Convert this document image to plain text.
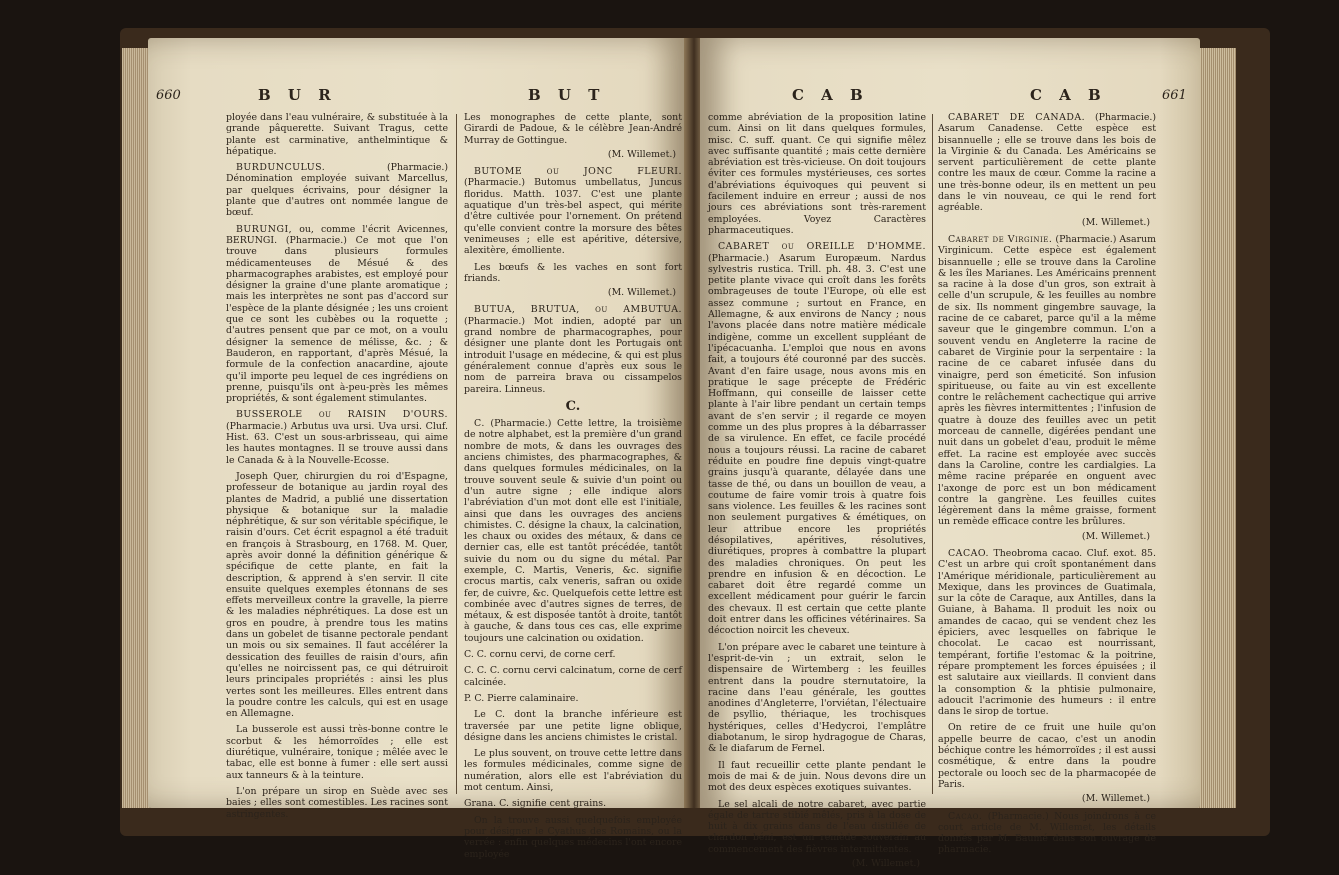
660	B U R	B U T

ployée dans l'eau vulnéraire, & substituée à la grande pâquerette. Suivant Tragus, cette plante est carminative, anthelmintique & hépatique.

BURDUNCULUS. (Pharmacie.) Dénomination employée suivant Marcellus, par quelques écrivains, pour désigner la plante que d'autres ont nommée langue de bœuf.

BURUNGI, ou, comme l'écrit Avicennes, BERUNGI. (Pharmacie.) Ce mot que l'on trouve dans plusieurs formules médicamenteuses de Mésué & des pharmacographes arabistes, est employé pour désigner la graine d'une plante aromatique ; mais les interprètes ne sont pas d'accord sur l'espèce de la plante désignée ; les uns croient que ce sont les cubèbes ou la roquette ; d'autres pensent que par ce mot, on a voulu désigner la semence de mélisse, &c. ; & Bauderon, en rapportant, d'après Mésué, la formule de la confection anacardine, ajoute qu'il importe peu lequel de ces ingrédiens on prenne, puisqu'ils ont à-peu-près les mêmes propriétés, & sont également stimulantes.

BUSSEROLE ou RAISIN D'OURS. (Pharmacie.) Arbutus uva ursi. Uva ursi. Cluf. Hist. 63. C'est un sous-arbrisseau, qui aime les hautes montagnes. Il se trouve aussi dans le Canada & à la Nouvelle-Ecosse.

Joseph Quer, chirurgien du roi d'Espagne, professeur de botanique au jardin royal des plantes de Madrid, a publié une dissertation physique & botanique sur la maladie néphrétique, & sur son véritable spécifique, le raisin d'ours. Cet écrit espagnol a été traduit en françois à Strasbourg, en 1768. M. Quer, après avoir donné la définition générique & spécifique de cette plante, en fait la description, & apprend à s'en servir. Il cite ensuite quelques exemples étonnans de ses effets merveilleux contre la gravelle, la pierre & les maladies néphrétiques. La dose est un gros en poudre, à prendre tous les matins dans un gobelet de tisanne pectorale pendant un mois ou six semaines. Il faut accélérer la dessication des feuilles de raisin d'ours, afin qu'elles ne noircissent pas, ce qui détruiroit leurs principales propriétés : ainsi les plus vertes sont les meilleures. Elles entrent dans la poudre contre les calculs, qui est en usage en Allemagne.

La busserole est aussi très-bonne contre le scorbut & les hémorroïdes ; elle est diurétique, vulnéraire, tonique ; mêlée avec le tabac, elle est bonne à fumer : elle sert aussi aux tanneurs & à la teinture.

L'on prépare un sirop en Suède avec ses baies ; elles sont comestibles. Les racines sont astringentes.

Les monographes de cette plante, sont Girardi de Padoue, & le célèbre Jean-André Murray de Gottingue.

(M. Willemet.)

BUTOME ou JONC FLEURI. (Pharmacie.) Butomus umbellatus, Juncus floridus. Matth. 1037. C'est une plante aquatique d'un très-bel aspect, qui mérite d'être cultivée pour l'ornement. On prétend qu'elle convient contre la morsure des bêtes venimeuses ; elle est apéritive, détersive, alexitère, émolliente.

Les bœufs & les vaches en sont fort friands.

(M. Willemet.)

BUTUA, BRUTUA, ou AMBUTUA. (Pharmacie.) Mot indien, adopté par un grand nombre de pharmacographes, pour désigner une plante dont les Portugais ont introduit l'usage en médecine, & qui est plus généralement connue d'après eux sous le nom de parreira brava ou cissampelos pareira. Linneus.

C.

C. (Pharmacie.) Cette lettre, la troisième de notre alphabet, est la première d'un grand nombre de mots, & dans les ouvrages des anciens chimistes, des pharmacographes, & dans quelques formules médicinales, on la trouve souvent seule & suivie d'un point ou d'un autre signe ; elle indique alors l'abréviation d'un mot dont elle est l'initiale, ainsi que dans les ouvrages des anciens chimistes. C. désigne la chaux, la calcination, les chaux ou oxides des métaux, & dans ce dernier cas, elle est tantôt précédée, tantôt suivie du nom ou du signe du métal. Par exemple, C. Martis, Veneris, &c. signifie crocus martis, calx veneris, safran ou oxide fer, de cuivre, &c. Quelquefois cette lettre est combinée avec d'autres signes de terres, de métaux, & est disposée tantôt à droite, tantôt à gauche, & dans tous ces cas, elle exprime toujours une calcination ou oxidation.

C. C. cornu cervi, de corne cerf.

C. C. C. cornu cervi calcinatum, corne de cerf calcinée.

P. C. Pierre calaminaire.

Le C. dont la branche inférieure est traversée par une petite ligne oblique, désigne dans les anciens chimistes le cristal.

Le plus souvent, on trouve cette lettre dans les formules médicinales, comme signe de numération, alors elle est l'abréviation du mot centum. Ainsi,

Grana. C. signifie cent grains.

On la trouve aussi quelquefois employée pour désigner le Cyathus des Romains, ou la verrée : enfin quelques médecins l'ont encore employée

C A B	C A B	661

comme abréviation de la proposition latine cum. Ainsi on lit dans quelques formules, misc. C. suff. quant. Ce qui signifie mêlez avec suffisante quantité ; mais cette dernière abréviation est très-vicieuse. On doit toujours éviter ces formules mystérieuses, ces sortes d'abréviations équivoques qui peuvent si facilement induire en erreur ; aussi de nos jours ces abréviations sont très-rarement employées. Voyez Caractères pharmaceutiques.

CABARET ou OREILLE D'HOMME. (Pharmacie.) Asarum Europæum. Nardus sylvestris rustica. Trill. ph. 48. 3. C'est une petite plante vivace qui croît dans les forêts ombrageuses de toute l'Europe, où elle est assez commune ; surtout en France, en Allemagne, & aux environs de Nancy ; nous l'avons placée dans notre matière médicale indigène, comme un excellent suppléant de l'ipécacuanha. L'emploi que nous en avons fait, a toujours été couronné par des succès. Avant d'en faire usage, nous avons mis en pratique le sage précepte de Frédéric Hoffmann, qui conseille de laisser cette plante à l'air libre pendant un certain temps avant de s'en servir ; il regarde ce moyen comme un des plus propres à la débarrasser de sa virulence. En effet, ce facile procédé nous a toujours réussi. La racine de cabaret réduite en poudre fine depuis vingt-quatre grains jusqu'à quarante, délayée dans une tasse de thé, ou dans un bouillon de veau, a coutume de faire vomir trois à quatre fois sans violence. Les feuilles & les racines sont non seulement purgatives & émétiques, on leur attribue encore les propriétés désopilatives, apéritives, résolutives, diurétiques, propres à combattre la plupart des maladies chroniques. On peut les prendre en infusion & en décoction. Le cabaret doit être regardé comme un excellent médicament pour guérir le farcin des chevaux. Il est certain que cette plante doit entrer dans les officines vétérinaires. Sa décoction noircit les cheveux.

L'on prépare avec le cabaret une teinture à l'esprit-de-vin ; un extrait, selon le dispensaire de Wirtemberg : les feuilles entrent dans la poudre sternutatoire, la racine dans l'eau générale, les gouttes anodines d'Angleterre, l'orviétan, l'électuaire de psyllio, thériaque, les trochisques hystériques, celles d'Hedycroi, l'emplâtre diabotanum, le sirop hydragogue de Charas, & le diafarum de Fernel.

Il faut recueillir cette plante pendant le mois de mai & de juin. Nous devons dire un mot des deux espèces exotiques suivantes.

Le sel alcali de notre cabaret, avec partie égale de tartre stibié mêlés, pris à la dose de huit à dix grains dans de l'eau distillée de chardon béni, est un remède souverain au commencement des fièvres intermittentes.

(M. Willemet.)

CABARET DE CANADA. (Pharmacie.) Asarum Canadense. Cette espèce est bisannuelle ; elle se trouve dans les bois de la Virginie & du Canada. Les Américains se servent particulièrement de cette plante contre les maux de cœur. Comme la racine a une très-bonne odeur, ils en mettent un peu dans le vin nouveau, ce qui le rend fort agréable.

(M. Willemet.)

Cabaret de Virginie. (Pharmacie.) Asarum Virginicum. Cette espèce est également bisannuelle ; elle se trouve dans la Caroline & les îles Marianes. Les Américains prennent sa racine à la dose d'un gros, son extrait à celle d'un scrupule, & les feuilles au nombre de six. Ils nomment gingembre sauvage, la racine de ce cabaret, parce qu'il a la même saveur que le gingembre commun. L'on a souvent vendu en Angleterre la racine de cabaret de Virginie pour la serpentaire : la racine de ce cabaret infusée dans du vinaigre, perd son émeticité. Son infusion spiritueuse, ou faite au vin est excellente contre le relâchement cachectique qui arrive après les fièvres intermittentes ; l'infusion de quatre à douze des feuilles avec un petit morceau de cannelle, digérées pendant une nuit dans un gobelet d'eau, produit le même effet. La racine est employée avec succès dans la Caroline, contre les cardialgies. La même racine préparée en onguent avec l'axonge de porc est un bon médicament contre la gangrène. Les feuilles cuites légèrement dans la même graisse, forment un remède efficace contre les brûlures.

(M. Willemet.)

CACAO. Theobroma cacao. Cluf. exot. 85. C'est un arbre qui croît spontanément dans l'Amérique méridionale, particulièrement au Mexique, dans les provinces de Guatimala, sur la côte de Caraque, aux Antilles, dans la Guiane, à Bahama. Il produit les noix ou amandes de cacao, qui se vendent chez les épiciers, avec lesquelles on fabrique le chocolat. Le cacao est nourrissant, tempérant, fortifie l'estomac & la poitrine, répare promptement les forces épuisées ; il est salutaire aux vieillards. Il convient dans la consomption & la phtisie pulmonaire, adoucit l'acrimonie des humeurs : il entre dans le sirop de tortue.

On retire de ce fruit une huile qu'on appelle beurre de cacao, c'est un anodin béchique contre les hémorroïdes ; il est aussi cosmétique, & entre dans la poudre pectorale ou looch sec de la pharmacopée de Paris.

(M. Willemet.)

Cacao. (Pharmacie.) Nous joindrons à ce court article de M. Willemet, les détails donnés par M. Baumé dans son ouvrage de pharmacie.
